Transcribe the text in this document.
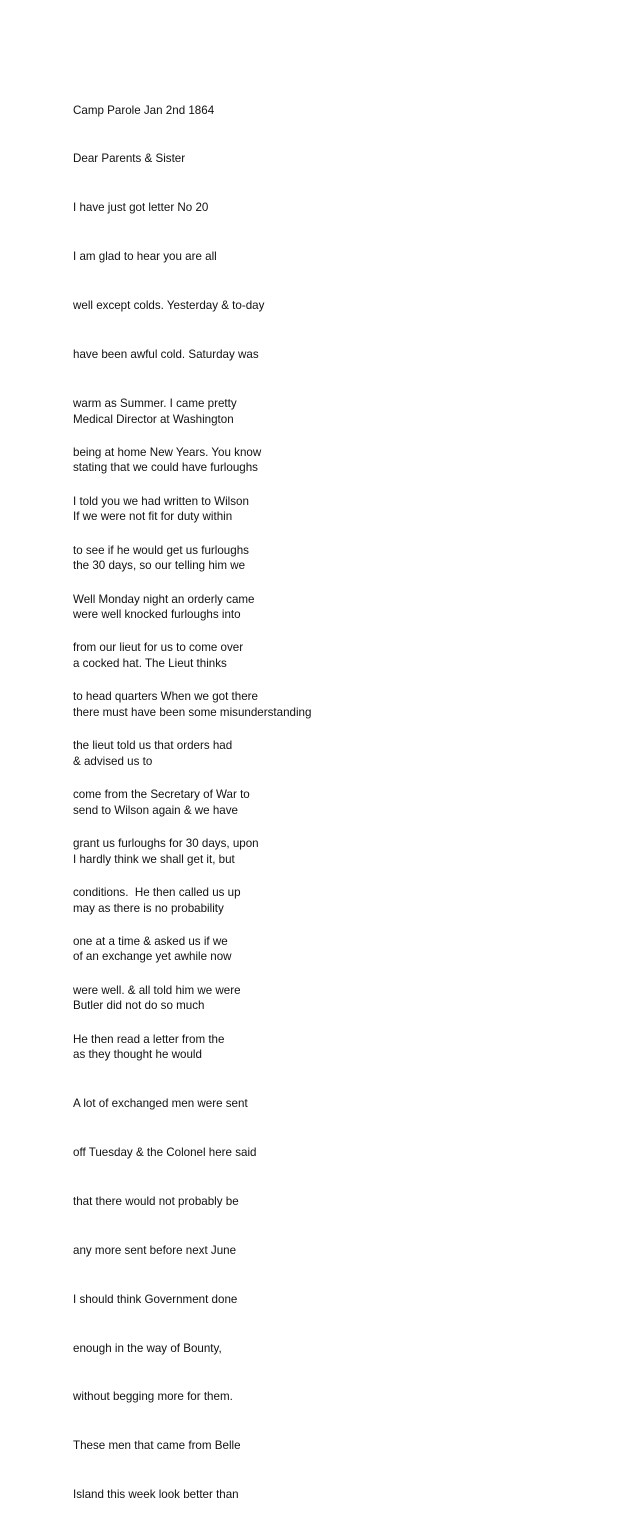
Camp Parole Jan 2nd 1864

Dear Parents & Sister

I have just got letter No 20

I am glad to hear you are all

well except colds. Yesterday & to-day

have been awful cold. Saturday was

warm as Summer. I came pretty

being at home New Years. You know

I told you we had written to Wilson

to see if he would get us furloughs

Well Monday night an orderly came

from our lieut for us to come over

to head quarters When we got there

the lieut told us that orders had

come from the Secretary of War to

grant us furloughs for 30 days, upon

conditions.  He then called us up

one at a time & asked us if we

were well. & all told him we were

He then read a letter from the

Medical Director at Washington

stating that we could have furloughs

If we were not fit for duty within

the 30 days, so our telling him we

were well knocked furloughs into

a cocked hat. The Lieut thinks

there must have been some misunderstanding

& advised us to

send to Wilson again & we have

I hardly think we shall get it, but

may as there is no probability

of an exchange yet awhile now

Butler did not do so much

as they thought he would

A lot of exchanged men were sent

off Tuesday & the Colonel here said

that there would not probably be

any more sent before next June

I should think Government done

enough in the way of Bounty,

without begging more for them.

These men that came from Belle

Island this week look better than
